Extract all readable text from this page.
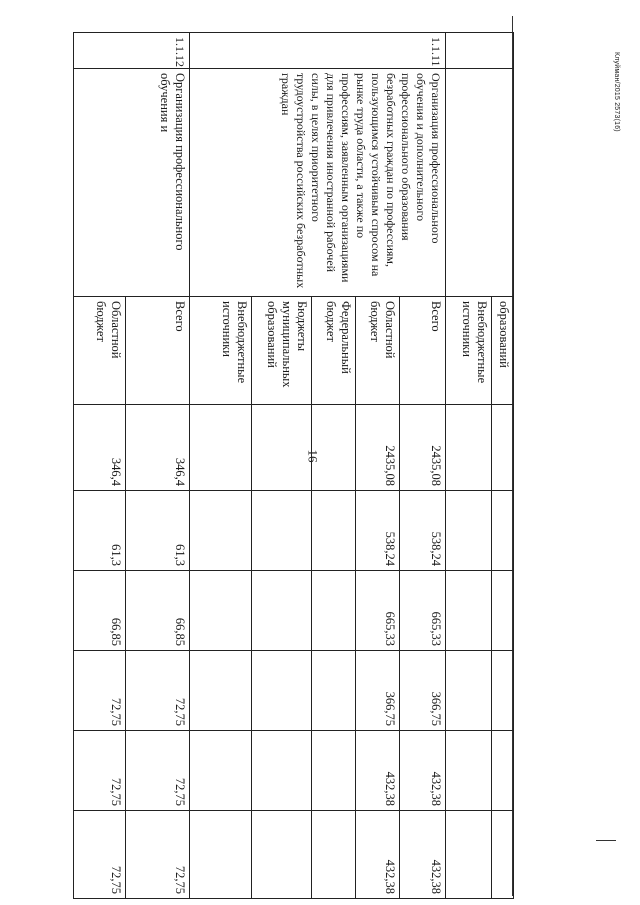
16
Клуйман/2015 2573(16)
		образований						
		Внебюджетные источники						
1.1.11	Организация профессионального обучения и дополнительного профессионального образования безработных граждан по профессиям, пользующимся устойчивым спросом на рынке труда области, а также по профессиям, заявленным организациями для привлечения иностранной рабочей силы, в целях приоритетного трудоустройства российских безработных граждан	Всего	2435,08	538,24	665,33	366,75	432,38	432,38
		Областной бюджет	2435,08	538,24	665,33	366,75	432,38	432,38
		Федеральный бюджет						
		Бюджеты муниципальных образований						
		Внебюджетные источники						
1.1.12	Организация профессионального обучения и	Всего	346,4	61,3	66,85	72,75	72,75	72,75
		Областной бюджет	346,4	61,3	66,85	72,75	72,75	72,75
